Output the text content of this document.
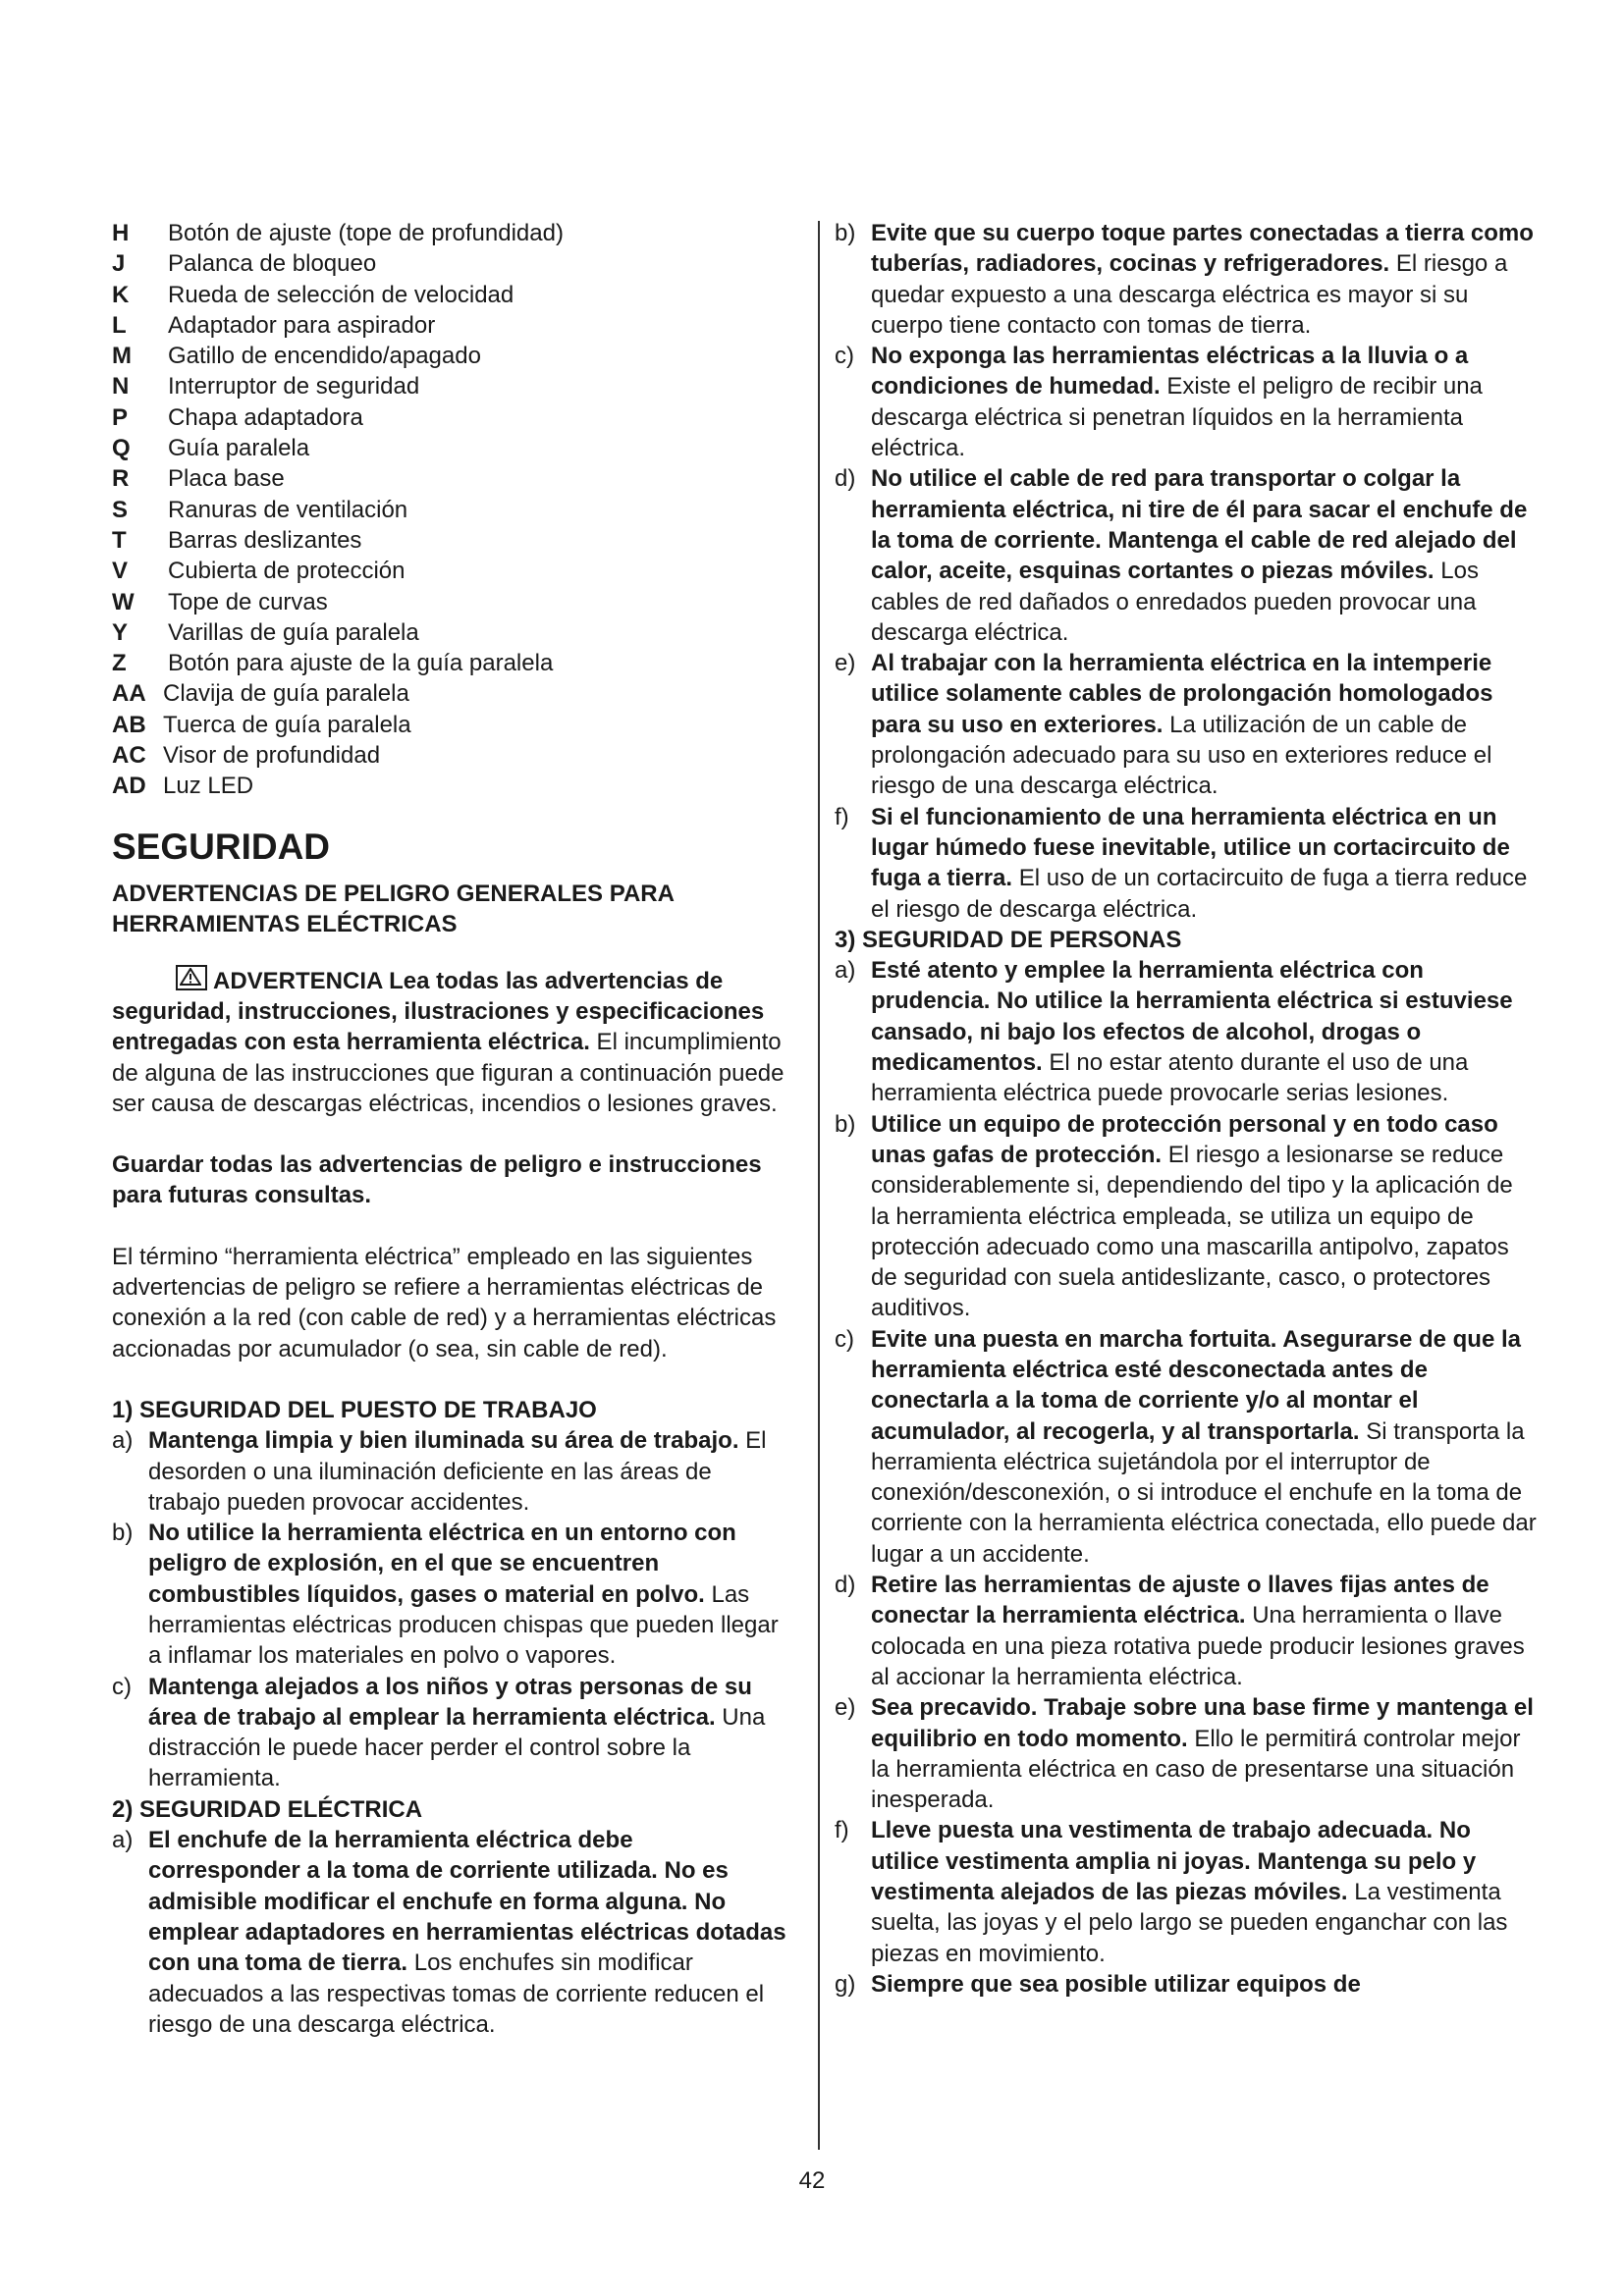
H	Botón de ajuste (tope de profundidad)
J	Palanca de bloqueo
K	Rueda de selección de velocidad
L	Adaptador para aspirador
M	Gatillo de encendido/apagado
N	Interruptor de seguridad
P	Chapa adaptadora
Q	Guía paralela
R	Placa base
S	Ranuras de ventilación
T	Barras deslizantes
V	Cubierta de protección
W	Tope de curvas
Y	Varillas de guía paralela
Z	Botón para ajuste de la guía paralela
AA Clavija de guía paralela
AB Tuerca de guía paralela
AC Visor de profundidad
AD Luz LED
SEGURIDAD
ADVERTENCIAS DE PELIGRO GENERALES PARA HERRAMIENTAS ELÉCTRICAS

ADVERTENCIA Lea todas las advertencias de seguridad, instrucciones, ilustraciones y especificaciones entregadas con esta herramienta eléctrica. El incumplimiento de alguna de las instrucciones que figuran a continuación puede ser causa de descargas eléctricas, incendios o lesiones graves.

Guardar todas las advertencias de peligro e instrucciones para futuras consultas.

El término “herramienta eléctrica” empleado en las siguientes advertencias de peligro se refiere a herramientas eléctricas de conexión a la red (con cable de red) y a herramientas eléctricas accionadas por acumulador (o sea, sin cable de red).

1) SEGURIDAD DEL PUESTO DE TRABAJO
a) Mantenga limpia y bien iluminada su área de trabajo. El desorden o una iluminación deficiente en las áreas de trabajo pueden provocar accidentes.
b) No utilice la herramienta eléctrica en un entorno con peligro de explosión, en el que se encuentren combustibles líquidos, gases o material en polvo. Las herramientas eléctricas producen chispas que pueden llegar a inflamar los materiales en polvo o vapores.
c) Mantenga alejados a los niños y otras personas de su área de trabajo al emplear la herramienta eléctrica. Una distracción le puede hacer perder el control sobre la herramienta.
2) SEGURIDAD ELÉCTRICA
a) El enchufe de la herramienta eléctrica debe corresponder a la toma de corriente utilizada. No es admisible modificar el enchufe en forma alguna. No emplear adaptadores en herramientas eléctricas dotadas con una toma de tierra. Los enchufes sin modificar adecuados a las respectivas tomas de corriente reducen el riesgo de una descarga eléctrica.
b) Evite que su cuerpo toque partes conectadas a tierra como tuberías, radiadores, cocinas y refrigeradores. El riesgo a quedar expuesto a una descarga eléctrica es mayor si su cuerpo tiene contacto con tomas de tierra.
c) No exponga las herramientas eléctricas a la lluvia o a condiciones de humedad. Existe el peligro de recibir una descarga eléctrica si penetran líquidos en la herramienta eléctrica.
d) No utilice el cable de red para transportar o colgar la herramienta eléctrica, ni tire de él para sacar el enchufe de la toma de corriente. Mantenga el cable de red alejado del calor, aceite, esquinas cortantes o piezas móviles. Los cables de red dañados o enredados pueden provocar una descarga eléctrica.
e) Al trabajar con la herramienta eléctrica en la intemperie utilice solamente cables de prolongación homologados para su uso en exteriores. La utilización de un cable de prolongación adecuado para su uso en exteriores reduce el riesgo de una descarga eléctrica.
f) Si el funcionamiento de una herramienta eléctrica en un lugar húmedo fuese inevitable, utilice un cortacircuito de fuga a tierra. El uso de un cortacircuito de fuga a tierra reduce el riesgo de descarga eléctrica.
3) SEGURIDAD DE PERSONAS
a) Esté atento y emplee la herramienta eléctrica con prudencia. No utilice la herramienta eléctrica si estuviese cansado, ni bajo los efectos de alcohol, drogas o medicamentos. El no estar atento durante el uso de una herramienta eléctrica puede provocarle serias lesiones.
b) Utilice un equipo de protección personal y en todo caso unas gafas de protección. El riesgo a lesionarse se reduce considerablemente si, dependiendo del tipo y la aplicación de la herramienta eléctrica empleada, se utiliza un equipo de protección adecuado como una mascarilla antipolvo, zapatos de seguridad con suela antideslizante, casco, o protectores auditivos.
c) Evite una puesta en marcha fortuita. Asegurarse de que la herramienta eléctrica esté desconectada antes de conectarla a la toma de corriente y/o al montar el acumulador, al recogerla, y al transportarla. Si transporta la herramienta eléctrica sujetándola por el interruptor de conexión/desconexión, o si introduce el enchufe en la toma de corriente con la herramienta eléctrica conectada, ello puede dar lugar a un accidente.
d) Retire las herramientas de ajuste o llaves fijas antes de conectar la herramienta eléctrica. Una herramienta o llave colocada en una pieza rotativa puede producir lesiones graves al accionar la herramienta eléctrica.
e) Sea precavido. Trabaje sobre una base firme y mantenga el equilibrio en todo momento. Ello le permitirá controlar mejor la herramienta eléctrica en caso de presentarse una situación inesperada.
f) Lleve puesta una vestimenta de trabajo adecuada. No utilice vestimenta amplia ni joyas. Mantenga su pelo y vestimenta alejados de las piezas móviles. La vestimenta suelta, las joyas y el pelo largo se pueden enganchar con las piezas en movimiento.
g) Siempre que sea posible utilizar equipos de
42
